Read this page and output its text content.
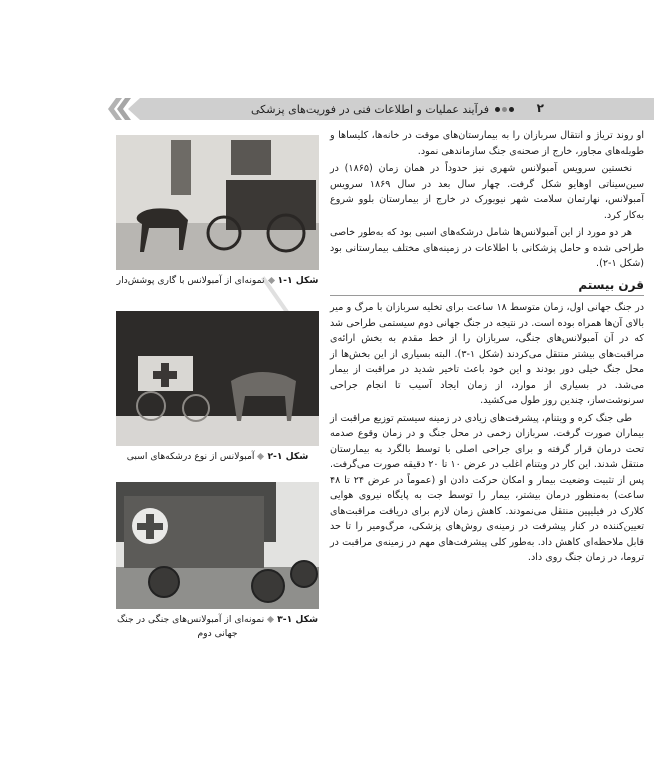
۲
فرآیند عملیات و اطلاعات فنی در فوریت‌های پزشکی
شکل ۱-۱نمونه‌ای از آمبولانس با گاری پوشش‌دار
شکل ۱-۲آمبولانس از نوع درشکه‌های اسبی
شکل ۱-۳نمونه‌ای از آمبولانس‌های جنگی در جنگ جهانی دوم

او روند تریاژ و انتقال سربازان را به بیمارستان‌های موقت در خانه‌ها، کلیساها و طویله‌های مجاور، خارج از صحنه‌ی جنگ سازماندهی نمود.

نخستین سرویس آمبولانس شهری نیز حدوداً در همان زمان (۱۸۶۵) در سین‌سیناتی اوهایو شکل گرفت. چهار سال بعد در سال ۱۸۶۹ سرویس آمبولانس، نهارتمان سلامت شهر نیویورک در خارج از بیمارستان بلوو شروع به‌کار کرد.

هر دو مورد از این آمبولانس‌ها شامل درشکه‌های اسبی بود که به‌طور خاصی طراحی شده و حامل پزشکانی با اطلاعات در زمینه‌های مختلف بیمارستانی بود (شکل ۱-۲).

قرن بیستم

در جنگ جهانی اول، زمان متوسط ۱۸ ساعت برای تخلیه سربازان با مرگ و میر بالای آن‌ها همراه بوده است. در نتیجه در جنگ جهانی دوم سیستمی طراحی شد که در آن آمبولانس‌های جنگی، سربازان را از خط مقدم به بخش ارائه‌ی مراقبت‌های بیشتر منتقل می‌کردند (شکل ۱-۳). البته بسیاری از این بخش‌ها از محل جنگ خیلی دور بودند و این خود باعث تاخیر شدید در مراقبت از بیمار می‌شد. در بسیاری از موارد، از زمان ایجاد آسیب تا انجام جراحی سرنوشت‌ساز، چندین روز طول می‌کشید.

طی جنگ کره و ویتنام، پیشرفت‌های زیادی در زمینه سیستم توزیع مراقبت از بیماران صورت گرفت. سربازان زخمی در محل جنگ و در زمان وقوع صدمه تحت درمان قرار گرفته و برای جراحی اصلی با توسط بالگرد به بیمارستان منتقل شدند. این کار در ویتنام اغلب در عرض ۱۰ تا ۲۰ دقیقه صورت می‌گرفت. پس از تثبیت وضعیت بیمار و امکان حرکت دادن او (عموماً در عرض ۲۴ تا ۴۸ ساعت) به‌منظور درمان بیشتر، بیمار را توسط جت به پایگاه نیروی هوایی کلارک در فیلیپین منتقل می‌نمودند. کاهش زمان لازم برای دریافت مراقبت‌های تعیین‌کننده در کنار پیشرفت در زمینه‌ی روش‌های پزشکی، مرگ‌ومیر را تا حد قابل ملاحظه‌ای کاهش داد. به‌طور کلی پیشرفت‌های مهم در زمینه‌ی مراقبت در تروما، در زمان جنگ روی داد.
